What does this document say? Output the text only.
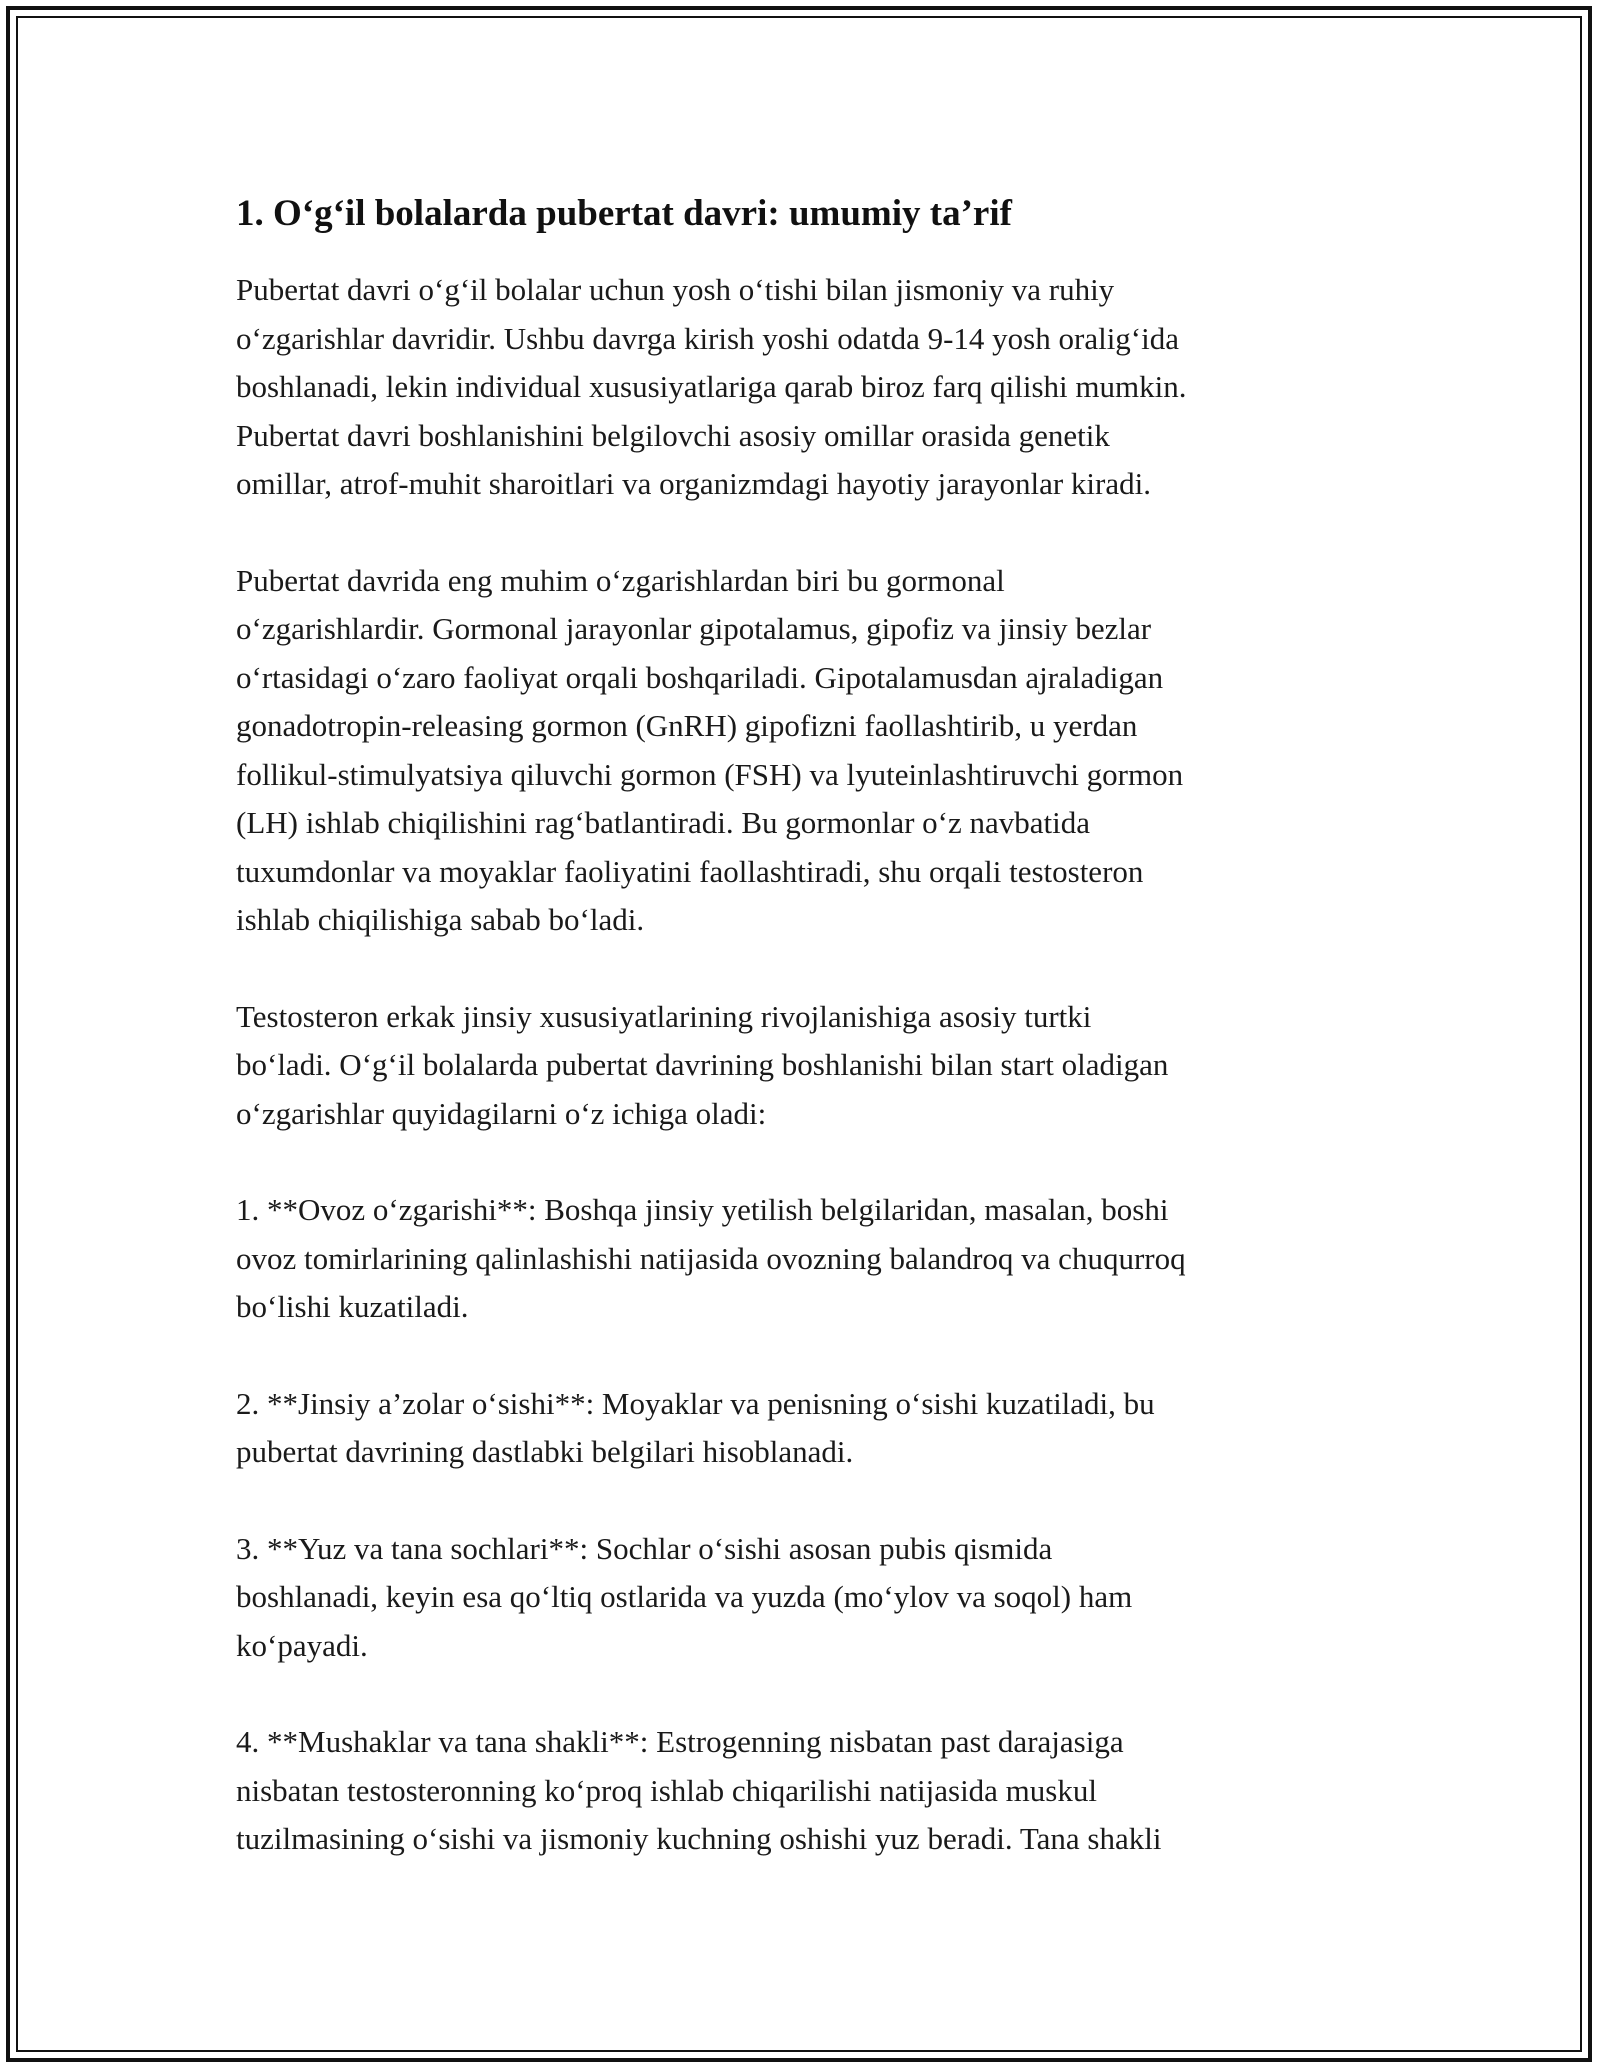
1. O‘g‘il bolalarda pubertat davri: umumiy ta’rif

Pubertat davri o‘g‘il bolalar uchun yosh o‘tishi bilan jismoniy va ruhiy
o‘zgarishlar davridir. Ushbu davrga kirish yoshi odatda 9-14 yosh oralig‘ida
boshlanadi, lekin individual xususiyatlariga qarab biroz farq qilishi mumkin.
Pubertat davri boshlanishini belgilovchi asosiy omillar orasida genetik
omillar, atrof-muhit sharoitlari va organizmdagi hayotiy jarayonlar kiradi.

Pubertat davrida eng muhim o‘zgarishlardan biri bu gormonal
o‘zgarishlardir. Gormonal jarayonlar gipotalamus, gipofiz va jinsiy bezlar
o‘rtasidagi o‘zaro faoliyat orqali boshqariladi. Gipotalamusdan ajraladigan
gonadotropin-releasing gormon (GnRH) gipofizni faollashtirib, u yerdan
follikul-stimulyatsiya qiluvchi gormon (FSH) va lyuteinlashtiruvchi gormon
(LH) ishlab chiqilishini rag‘batlantiradi. Bu gormonlar o‘z navbatida
tuxumdonlar va moyaklar faoliyatini faollashtiradi, shu orqali testosteron
ishlab chiqilishiga sabab bo‘ladi.

Testosteron erkak jinsiy xususiyatlarining rivojlanishiga asosiy turtki
bo‘ladi. O‘g‘il bolalarda pubertat davrining boshlanishi bilan start oladigan
o‘zgarishlar quyidagilarni o‘z ichiga oladi:

1. **Ovoz o‘zgarishi**: Boshqa jinsiy yetilish belgilaridan, masalan, boshi
ovoz tomirlarining qalinlashishi natijasida ovozning balandroq va chuqurroq
bo‘lishi kuzatiladi.

2. **Jinsiy a’zolar o‘sishi**: Moyaklar va penisning o‘sishi kuzatiladi, bu
pubertat davrining dastlabki belgilari hisoblanadi.

3. **Yuz va tana sochlari**: Sochlar o‘sishi asosan pubis qismida
boshlanadi, keyin esa qo‘ltiq ostlarida va yuzda (mo‘ylov va soqol) ham
ko‘payadi.

4. **Mushaklar va tana shakli**: Estrogenning nisbatan past darajasiga
nisbatan testosteronning ko‘proq ishlab chiqarilishi natijasida muskul
tuzilmasining o‘sishi va jismoniy kuchning oshishi yuz beradi. Tana shakli
